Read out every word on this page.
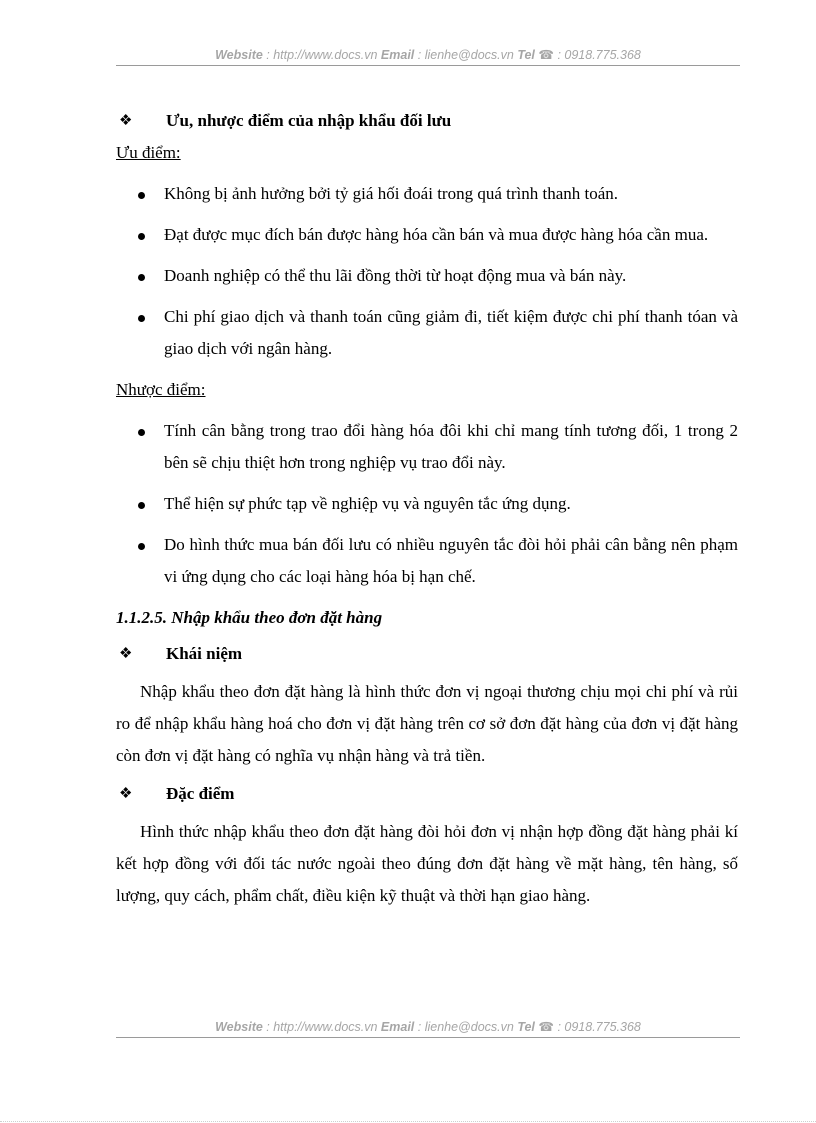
Website : http://www.docs.vn Email : lienhe@docs.vn Tel ☎ : 0918.775.368

❖ Ưu, nhược điểm của nhập khẩu đối lưu

Ưu điểm:

Không bị ảnh hưởng bởi tỷ giá hối đoái trong quá trình thanh toán.
Đạt được mục đích bán được hàng hóa cần bán và mua được hàng hóa cần mua.
Doanh nghiệp có thể thu lãi đồng thời từ hoạt động mua và bán này.
Chi phí giao dịch và thanh toán cũng giảm đi, tiết kiệm được chi phí thanh tóan và giao dịch với ngân hàng.

Nhược điểm:

Tính cân bằng trong trao đổi hàng hóa đôi khi chỉ mang tính tương đối, 1 trong 2 bên sẽ chịu thiệt hơn trong nghiệp vụ trao đổi này.
Thể hiện sự phức tạp về nghiệp vụ và nguyên tắc ứng dụng.
Do hình thức mua bán đối lưu có nhiều nguyên tắc đòi hỏi phải cân bằng nên phạm vi ứng dụng cho các loại hàng hóa bị hạn chế.

1.1.2.5. Nhập khẩu theo đơn đặt hàng

❖ Khái niệm

Nhập khẩu theo đơn đặt hàng là hình thức đơn vị ngoại thương chịu mọi chi phí và rủi ro để nhập khẩu hàng hoá cho đơn vị đặt hàng trên cơ sở đơn đặt hàng của đơn vị đặt hàng còn đơn vị đặt hàng có nghĩa vụ nhận hàng và trả tiền.

❖ Đặc điểm

Hình thức nhập khẩu theo đơn đặt hàng đòi hỏi đơn vị nhận hợp đồng đặt hàng phải kí kết hợp đồng với đối tác nước ngoài theo đúng đơn đặt hàng về mặt hàng, tên hàng, số lượng, quy cách, phẩm chất, điều kiện kỹ thuật và thời hạn giao hàng.

Website : http://www.docs.vn Email : lienhe@docs.vn Tel ☎ : 0918.775.368
